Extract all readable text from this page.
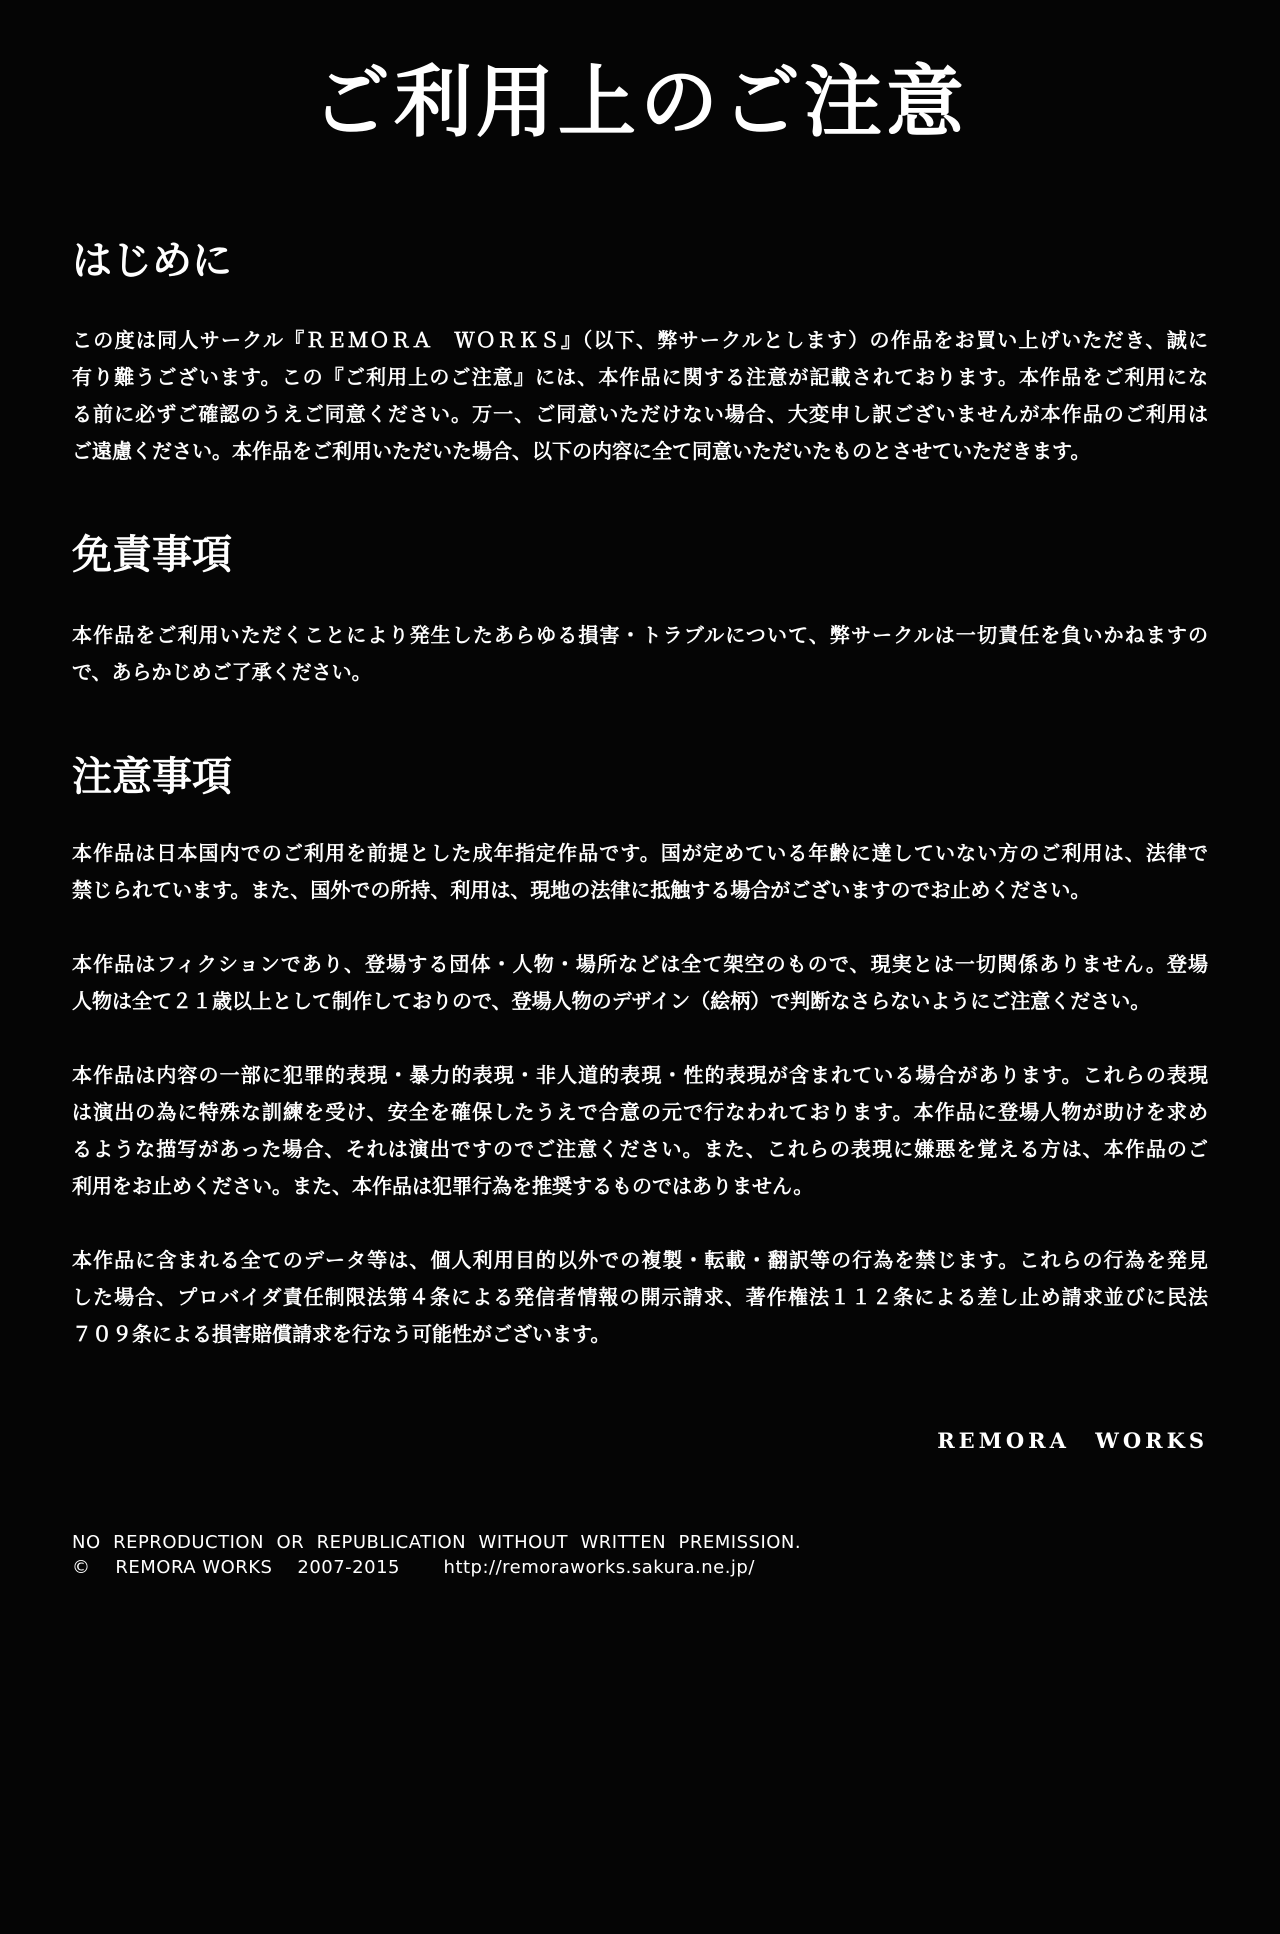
ご利用上のご注意
はじめに
この度は同人サークル『ＲＥＭＯＲＡ　ＷＯＲＫＳ』（以下、弊サークルとします）の作品をお買い上げいただき、誠に
有り難うございます。この『ご利用上のご注意』には、本作品に関する注意が記載されております。本作品をご利用にな
る前に必ずご確認のうえご同意ください。万一、ご同意いただけない場合、大変申し訳ございませんが本作品のご利用は
ご遠慮ください。本作品をご利用いただいた場合、以下の内容に全て同意いただいたものとさせていただきます。
免責事項
本作品をご利用いただくことにより発生したあらゆる損害・トラブルについて、弊サークルは一切責任を負いかねますの
で、あらかじめご了承ください。
注意事項
本作品は日本国内でのご利用を前提とした成年指定作品です。国が定めている年齢に達していない方のご利用は、法律で
禁じられています。また、国外での所持、利用は、現地の法律に抵触する場合がございますのでお止めください。
本作品はフィクションであり、登場する団体・人物・場所などは全て架空のもので、現実とは一切関係ありません。登場
人物は全て２１歳以上として制作しておりので、登場人物のデザイン（絵柄）で判断なさらないようにご注意ください。
本作品は内容の一部に犯罪的表現・暴力的表現・非人道的表現・性的表現が含まれている場合があります。これらの表現
は演出の為に特殊な訓練を受け、安全を確保したうえで合意の元で行なわれております。本作品に登場人物が助けを求め
るような描写があった場合、それは演出ですのでご注意ください。また、これらの表現に嫌悪を覚える方は、本作品のご
利用をお止めください。また、本作品は犯罪行為を推奨するものではありません。
本作品に含まれる全てのデータ等は、個人利用目的以外での複製・転載・翻訳等の行為を禁じます。これらの行為を発見
した場合、プロバイダ責任制限法第４条による発信者情報の開示請求、著作権法１１２条による差し止め請求並びに民法
７０９条による損害賠償請求を行なう可能性がございます。
REMORA WORKS
NO  REPRODUCTION  OR  REPUBLICATION  WITHOUT  WRITTEN  PREMISSION.
©    REMORA WORKS    2007-2015       http://remoraworks.sakura.ne.jp/
